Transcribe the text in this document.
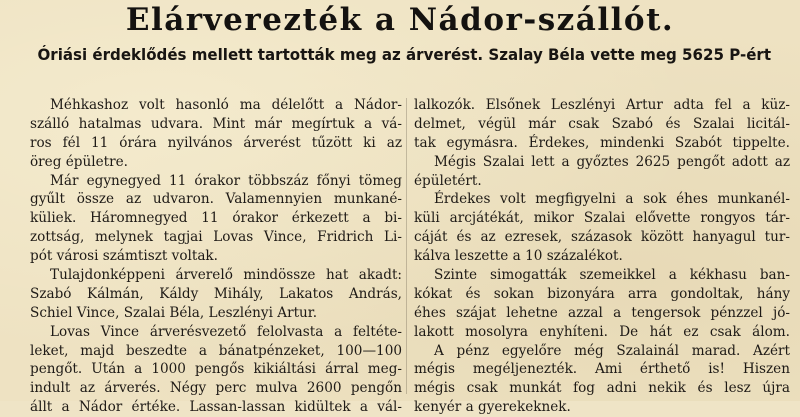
Elárverezték a Nádor-szállót.
Óriási érdeklődés mellett tartották meg az árverést. Szalay Béla vette meg 5625 P-ért
Méhkashoz volt hasonló ma délelőtt a Nádor-
szálló hatalmas udvara. Mint már megírtuk a vá-
ros fél 11 órára nyilvános árverést tűzött ki az
öreg épületre.
Már egynegyed 11 órakor többszáz főnyi tömeg
gyűlt össze az udvaron. Valamennyien munkané-
küliek. Háromnegyed 11 órakor érkezett a bi-
zottság, melynek tagjai Lovas Vince, Fridrich Li-
pót városi számtiszt voltak.
Tulajdonképpeni árverelő mindössze hat akadt:
Szabó Kálmán, Káldy Mihály, Lakatos András,
Schiel Vince, Szalai Béla, Leszlényi Artur.
Lovas Vince árverésvezető felolvasta a feltéte-
leket, majd beszedte a bánatpénzeket, 100—100
pengőt. Után a 1000 pengős kikiáltási árral meg-
indult az árverés. Négy perc mulva 2600 pengőn
állt a Nádor értéke. Lassan-lassan kidültek a vál-
lalkozók. Elsőnek Leszlényi Artur adta fel a küz-
delmet, végül már csak Szabó és Szalai licitál-
tak egymásra. Érdekes, mindenki Szabót tippelte.
Mégis Szalai lett a győztes 2625 pengőt adott az
épületért.
Érdekes volt megfigyelni a sok éhes munkanél-
küli arcjátékát, mikor Szalai elővette rongyos tár-
cáját és az ezresek, százasok között hanyagul tur-
kálva leszette a 10 százalékot.
Szinte simogatták szemeikkel a kékhasu ban-
kókat és sokan bizonyára arra gondoltak, hány
éhes szájat lehetne azzal a tengersok pénzzel jó-
lakott mosolyra enyhíteni. De hát ez csak álom.
A pénz egyelőre még Szalainál marad. Azért
mégis megéljenezték. Ami érthető is! Hiszen
mégis csak munkát fog adni nekik és lesz újra
kenyér a gyerekeknek.
